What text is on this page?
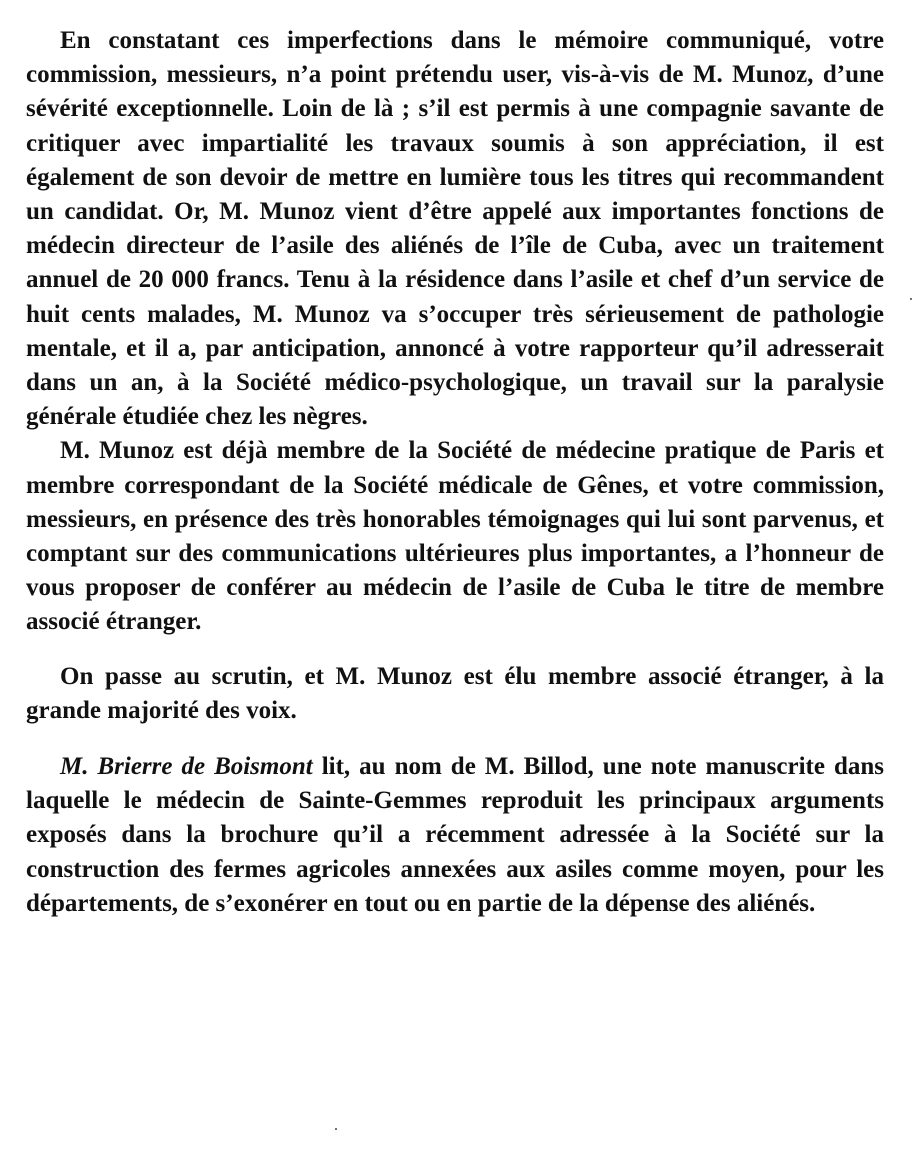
En constatant ces imperfections dans le mémoire communiqué, votre commission, messieurs, n’a point prétendu user, vis-à-vis de M. Munoz, d’une sévérité exceptionnelle. Loin de là ; s’il est permis à une compagnie savante de critiquer avec impartialité les travaux soumis à son appréciation, il est également de son devoir de mettre en lumière tous les titres qui recommandent un candidat. Or, M. Munoz vient d’être appelé aux importantes fonctions de médecin directeur de l’asile des aliénés de l’île de Cuba, avec un traitement annuel de 20 000 francs. Tenu à la résidence dans l’asile et chef d’un service de huit cents malades, M. Munoz va s’occuper très sérieusement de pathologie mentale, et il a, par anticipation, annoncé à votre rapporteur qu’il adresserait dans un an, à la Société médico-psychologique, un travail sur la paralysie générale étudiée chez les nègres.

M. Munoz est déjà membre de la Société de médecine pratique de Paris et membre correspondant de la Société médicale de Gênes, et votre commission, messieurs, en présence des très honorables témoignages qui lui sont parvenus, et comptant sur des communications ultérieures plus importantes, a l’honneur de vous proposer de conférer au médecin de l’asile de Cuba le titre de membre associé étranger.

On passe au scrutin, et M. Munoz est élu membre associé étranger, à la grande majorité des voix.

M. Brierre de Boismont lit, au nom de M. Billod, une note manuscrite dans laquelle le médecin de Sainte-Gemmes reproduit les principaux arguments exposés dans la brochure qu’il a récemment adressée à la Société sur la construction des fermes agricoles annexées aux asiles comme moyen, pour les départements, de s’exonérer en tout ou en partie de la dépense des aliénés.
